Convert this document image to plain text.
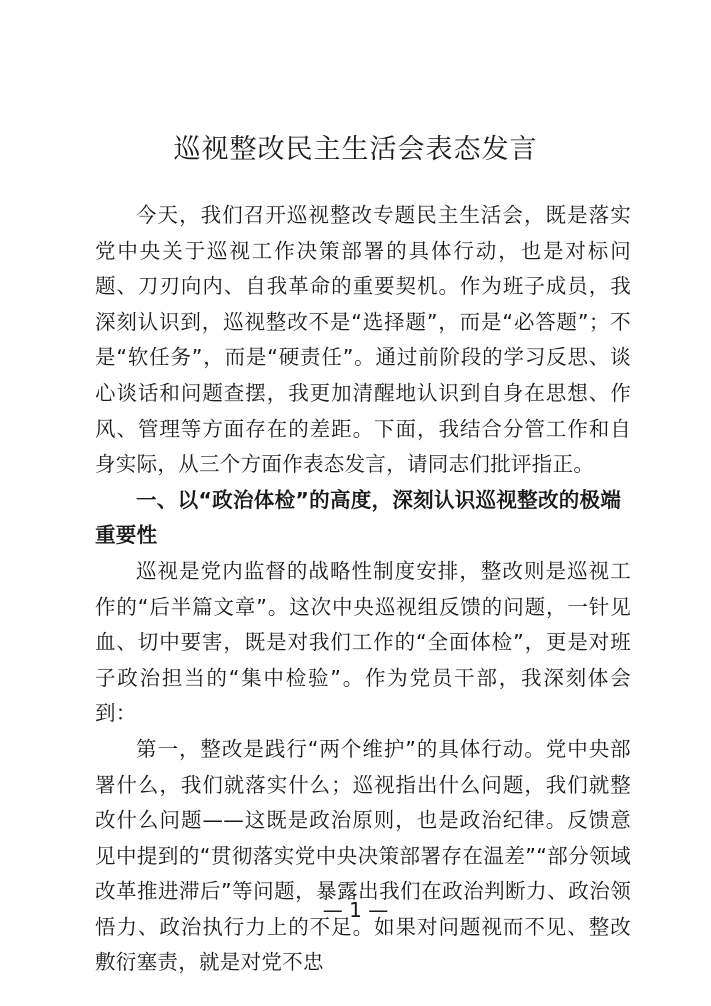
巡视整改民主生活会表态发言

今天，我们召开巡视整改专题民主生活会，既是落实党中央关于巡视工作决策部署的具体行动，也是对标问题、刀刃向内、自我革命的重要契机。作为班子成员，我深刻认识到，巡视整改不是“选择题”，而是“必答题”；不是“软任务”，而是“硬责任”。通过前阶段的学习反思、谈心谈话和问题查摆，我更加清醒地认识到自身在思想、作风、管理等方面存在的差距。下面，我结合分管工作和自身实际，从三个方面作表态发言，请同志们批评指正。

一、以“政治体检”的高度，深刻认识巡视整改的极端重要性

巡视是党内监督的战略性制度安排，整改则是巡视工作的“后半篇文章”。这次中央巡视组反馈的问题，一针见血、切中要害，既是对我们工作的“全面体检”，更是对班子政治担当的“集中检验”。作为党员干部，我深刻体会到：

第一，整改是践行“两个维护”的具体行动。党中央部署什么，我们就落实什么；巡视指出什么问题，我们就整改什么问题——这既是政治原则，也是政治纪律。反馈意见中提到的“贯彻落实党中央决策部署存在温差”“部分领域改革推进滞后”等问题，暴露出我们在政治判断力、政治领悟力、政治执行力上的不足。如果对问题视而不见、整改敷衍塞责，就是对党不忠

— 1 —
